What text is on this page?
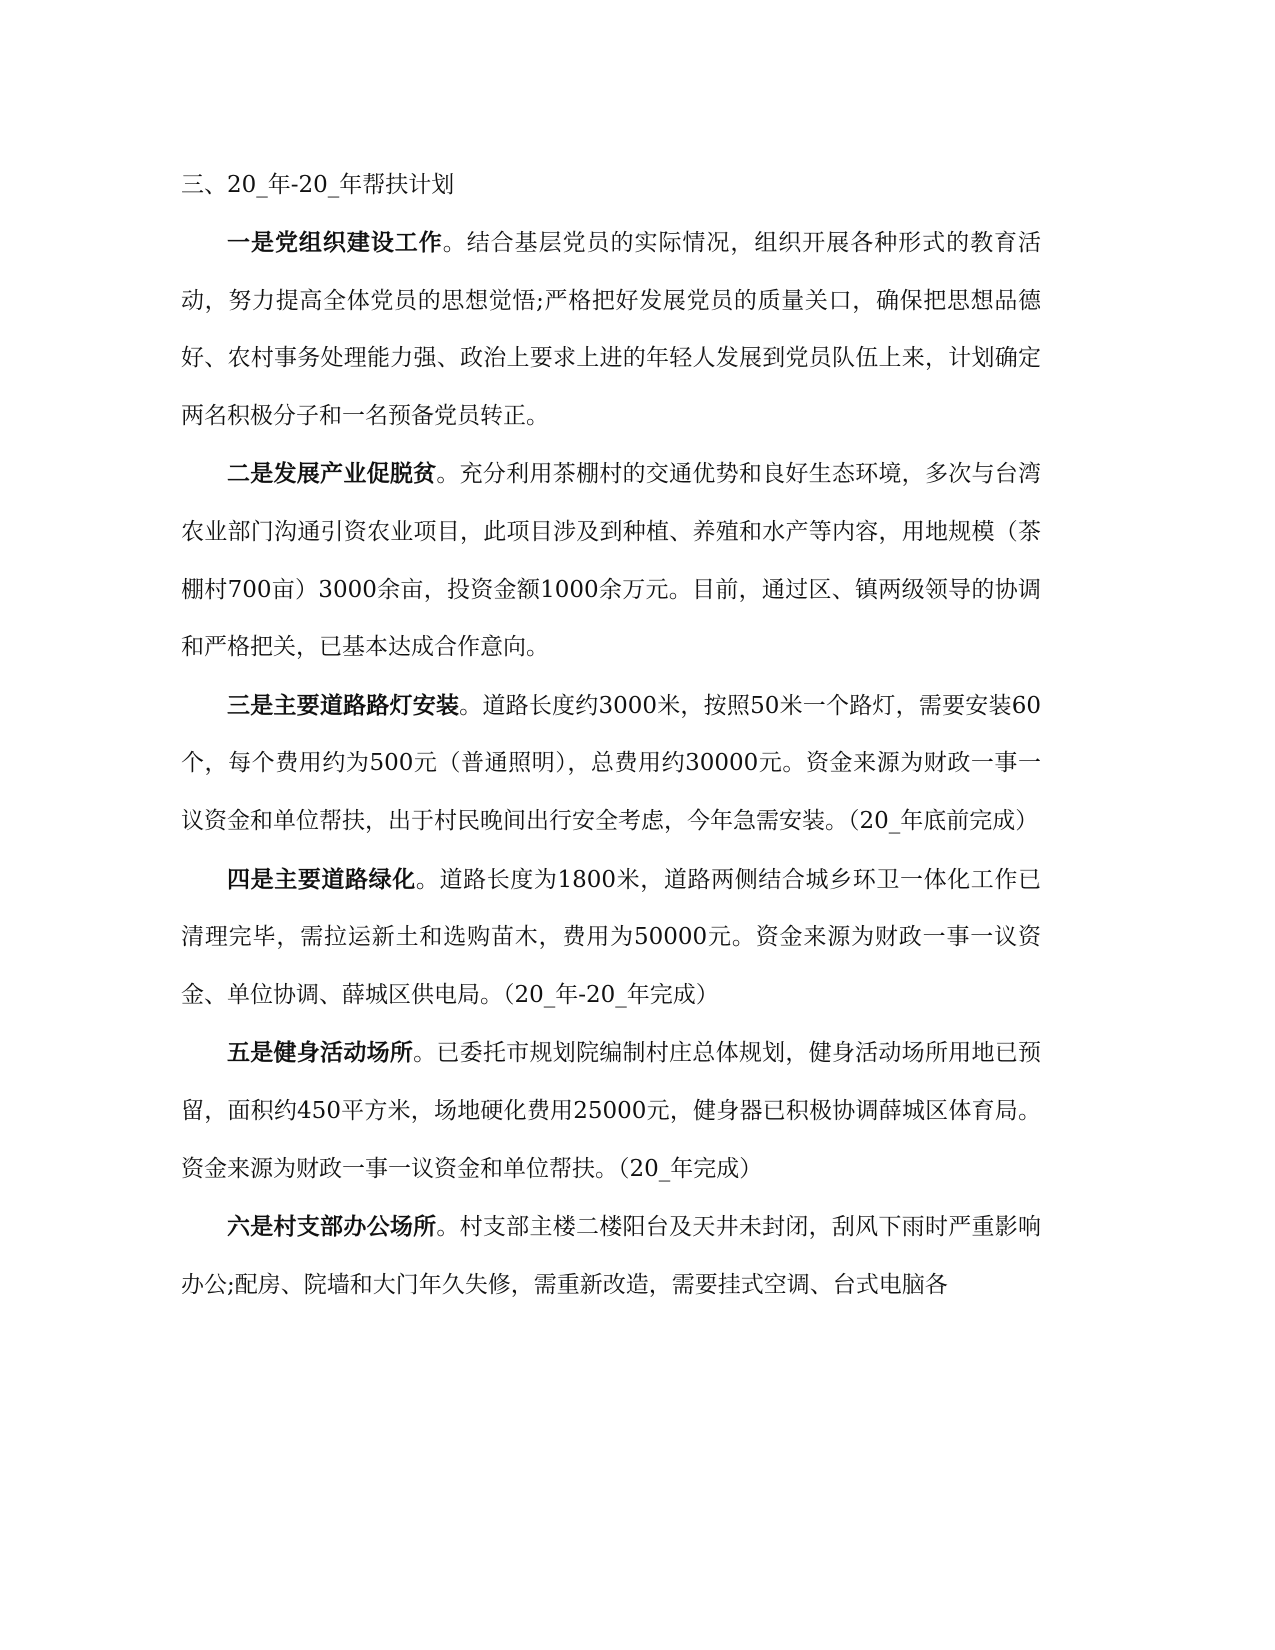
三、20_年-20_年帮扶计划

一是党组织建设工作。结合基层党员的实际情况，组织开展各种形式的教育活动，努力提高全体党员的思想觉悟;严格把好发展党员的质量关口，确保把思想品德好、农村事务处理能力强、政治上要求上进的年轻人发展到党员队伍上来，计划确定两名积极分子和一名预备党员转正。

二是发展产业促脱贫。充分利用茶棚村的交通优势和良好生态环境，多次与台湾农业部门沟通引资农业项目，此项目涉及到种植、养殖和水产等内容，用地规模（茶棚村700亩）3000余亩，投资金额1000余万元。目前，通过区、镇两级领导的协调和严格把关，已基本达成合作意向。

三是主要道路路灯安装。道路长度约3000米，按照50米一个路灯，需要安装60个，每个费用约为500元（普通照明），总费用约30000元。资金来源为财政一事一议资金和单位帮扶，出于村民晚间出行安全考虑，今年急需安装。（20_年底前完成）

四是主要道路绿化。道路长度为1800米，道路两侧结合城乡环卫一体化工作已清理完毕，需拉运新土和选购苗木，费用为50000元。资金来源为财政一事一议资金、单位协调、薛城区供电局。（20_年-20_年完成）

五是健身活动场所。已委托市规划院编制村庄总体规划，健身活动场所用地已预留，面积约450平方米，场地硬化费用25000元，健身器已积极协调薛城区体育局。资金来源为财政一事一议资金和单位帮扶。（20_年完成）

六是村支部办公场所。村支部主楼二楼阳台及天井未封闭，刮风下雨时严重影响办公;配房、院墙和大门年久失修，需重新改造，需要挂式空调、台式电脑各
